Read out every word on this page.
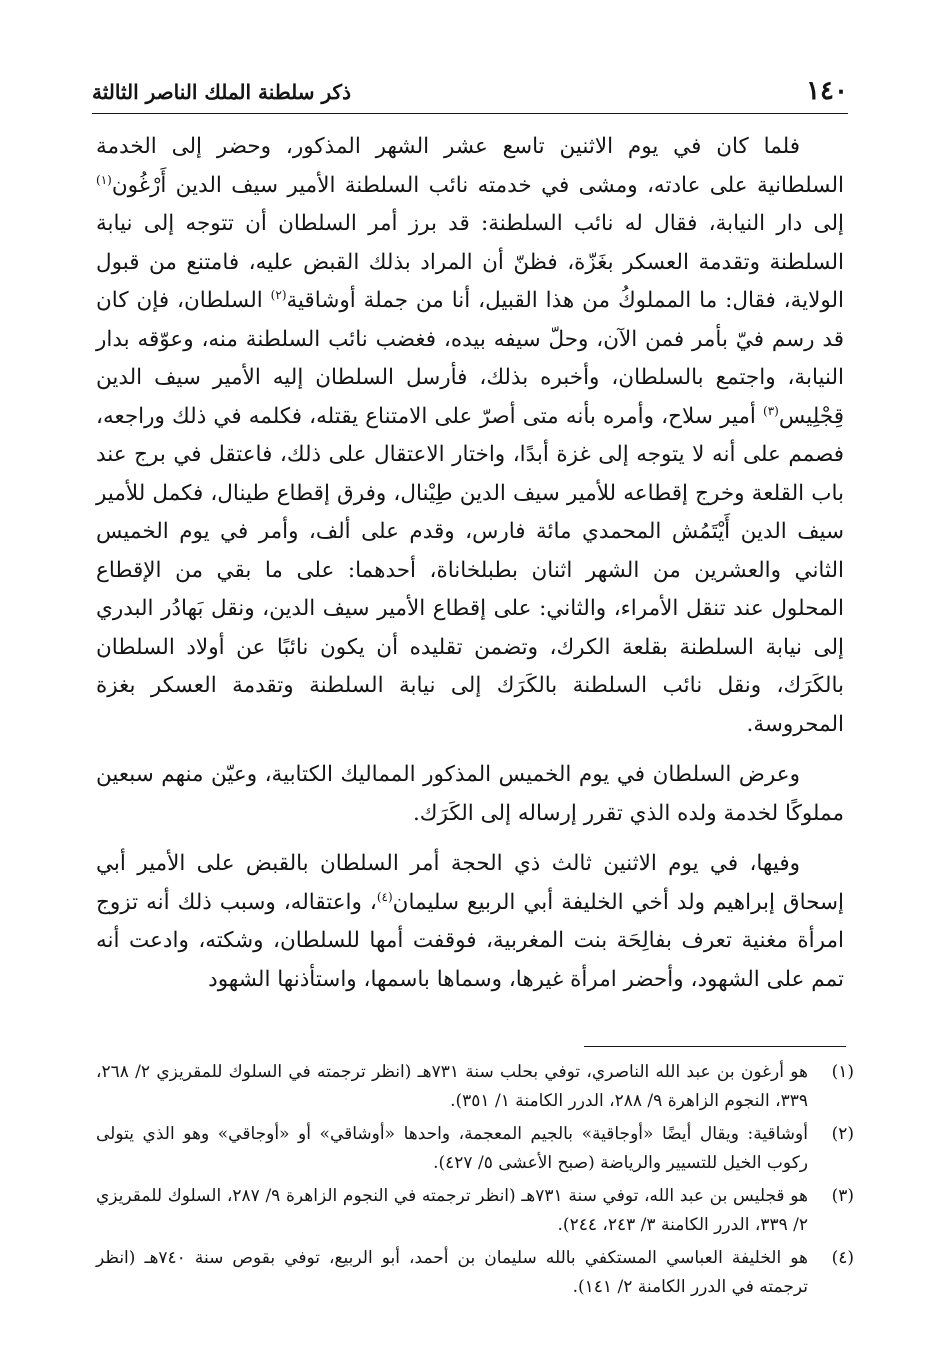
١٤٠
ذكر سلطنة الملك الناصر الثالثة

فلما كان في يوم الاثنين تاسع عشر الشهر المذكور، وحضر إلى الخدمة السلطانية على عادته، ومشى في خدمته نائب السلطنة الأمير سيف الدين أَرْغُون$^{(١)}$ إلى دار النيابة، فقال له نائب السلطنة: قد برز أمر السلطان أن تتوجه إلى نيابة السلطنة وتقدمة العسكر بغَزّة، فظنّ أن المراد بذلك القبض عليه، فامتنع من قبول الولاية، فقال: ما المملوكُ من هذا القبيل، أنا من جملة أوشاقية$^{(٢)}$ السلطان، فإن كان قد رسم فيّ بأمر فمن الآن، وحلّ سيفه بيده، فغضب نائب السلطنة منه، وعوّقه بدار النيابة، واجتمع بالسلطان، وأخبره بذلك، فأرسل السلطان إليه الأمير سيف الدين قِجْلِيس$^{(٣)}$ أمير سلاح، وأمره بأنه متى أصرّ على الامتناع يقتله، فكلمه في ذلك وراجعه، فصمم على أنه لا يتوجه إلى غزة أبدًا، واختار الاعتقال على ذلك، فاعتقل في برج عند باب القلعة وخرج إقطاعه للأمير سيف الدين طِيْنال، وفرق إقطاع طينال، فكمل للأمير سيف الدين أَيْتَمُش المحمدي مائة فارس، وقدم على ألف، وأمر في يوم الخميس الثاني والعشرين من الشهر اثنان بطبلخاناة، أحدهما: على ما بقي من الإقطاع المحلول عند تنقل الأمراء، والثاني: على إقطاع الأمير سيف الدين، ونقل بَهادُر البدري إلى نيابة السلطنة بقلعة الكرك، وتضمن تقليده أن يكون نائبًا عن أولاد السلطان بالكَرَك، ونقل نائب السلطنة بالكَرَك إلى نيابة السلطنة وتقدمة العسكر بغزة المحروسة.

وعرض السلطان في يوم الخميس المذكور المماليك الكتابية، وعيّن منهم سبعين مملوكًا لخدمة ولده الذي تقرر إرساله إلى الكَرَك.

وفيها، في يوم الاثنين ثالث ذي الحجة أمر السلطان بالقبض على الأمير أبي إسحاق إبراهيم ولد أخي الخليفة أبي الربيع سليمان$^{(٤)}$، واعتقاله، وسبب ذلك أنه تزوج امرأة مغنية تعرف بفالِحَة بنت المغربية، فوقفت أمها للسلطان، وشكته، وادعت أنه تمم على الشهود، وأحضر امرأة غيرها، وسماها باسمها، واستأذنها الشهود

(١)
هو أرغون بن عبد الله الناصري، توفي بحلب سنة ٧٣١هـ (انظر ترجمته في السلوك للمقريزي ٢/ ٢٦٨، ٣٣٩، النجوم الزاهرة ٩/ ٢٨٨، الدرر الكامنة ١/ ٣٥١).
(٢)
أوشاقية: ويقال أيضًا «أوجاقية» بالجيم المعجمة، واحدها «أوشاقي» أو «أوجاقي» وهو الذي يتولى ركوب الخيل للتسيير والرياضة (صبح الأعشى ٥/ ٤٢٧).
(٣)
هو قجليس بن عبد الله، توفي سنة ٧٣١هـ (انظر ترجمته في النجوم الزاهرة ٩/ ٢٨٧، السلوك للمقريزي ٢/ ٣٣٩، الدرر الكامنة ٣/ ٢٤٣، ٢٤٤).
(٤)
هو الخليفة العباسي المستكفي بالله سليمان بن أحمد، أبو الربيع، توفي بقوص سنة ٧٤٠هـ (انظر ترجمته في الدرر الكامنة ٢/ ١٤١).
